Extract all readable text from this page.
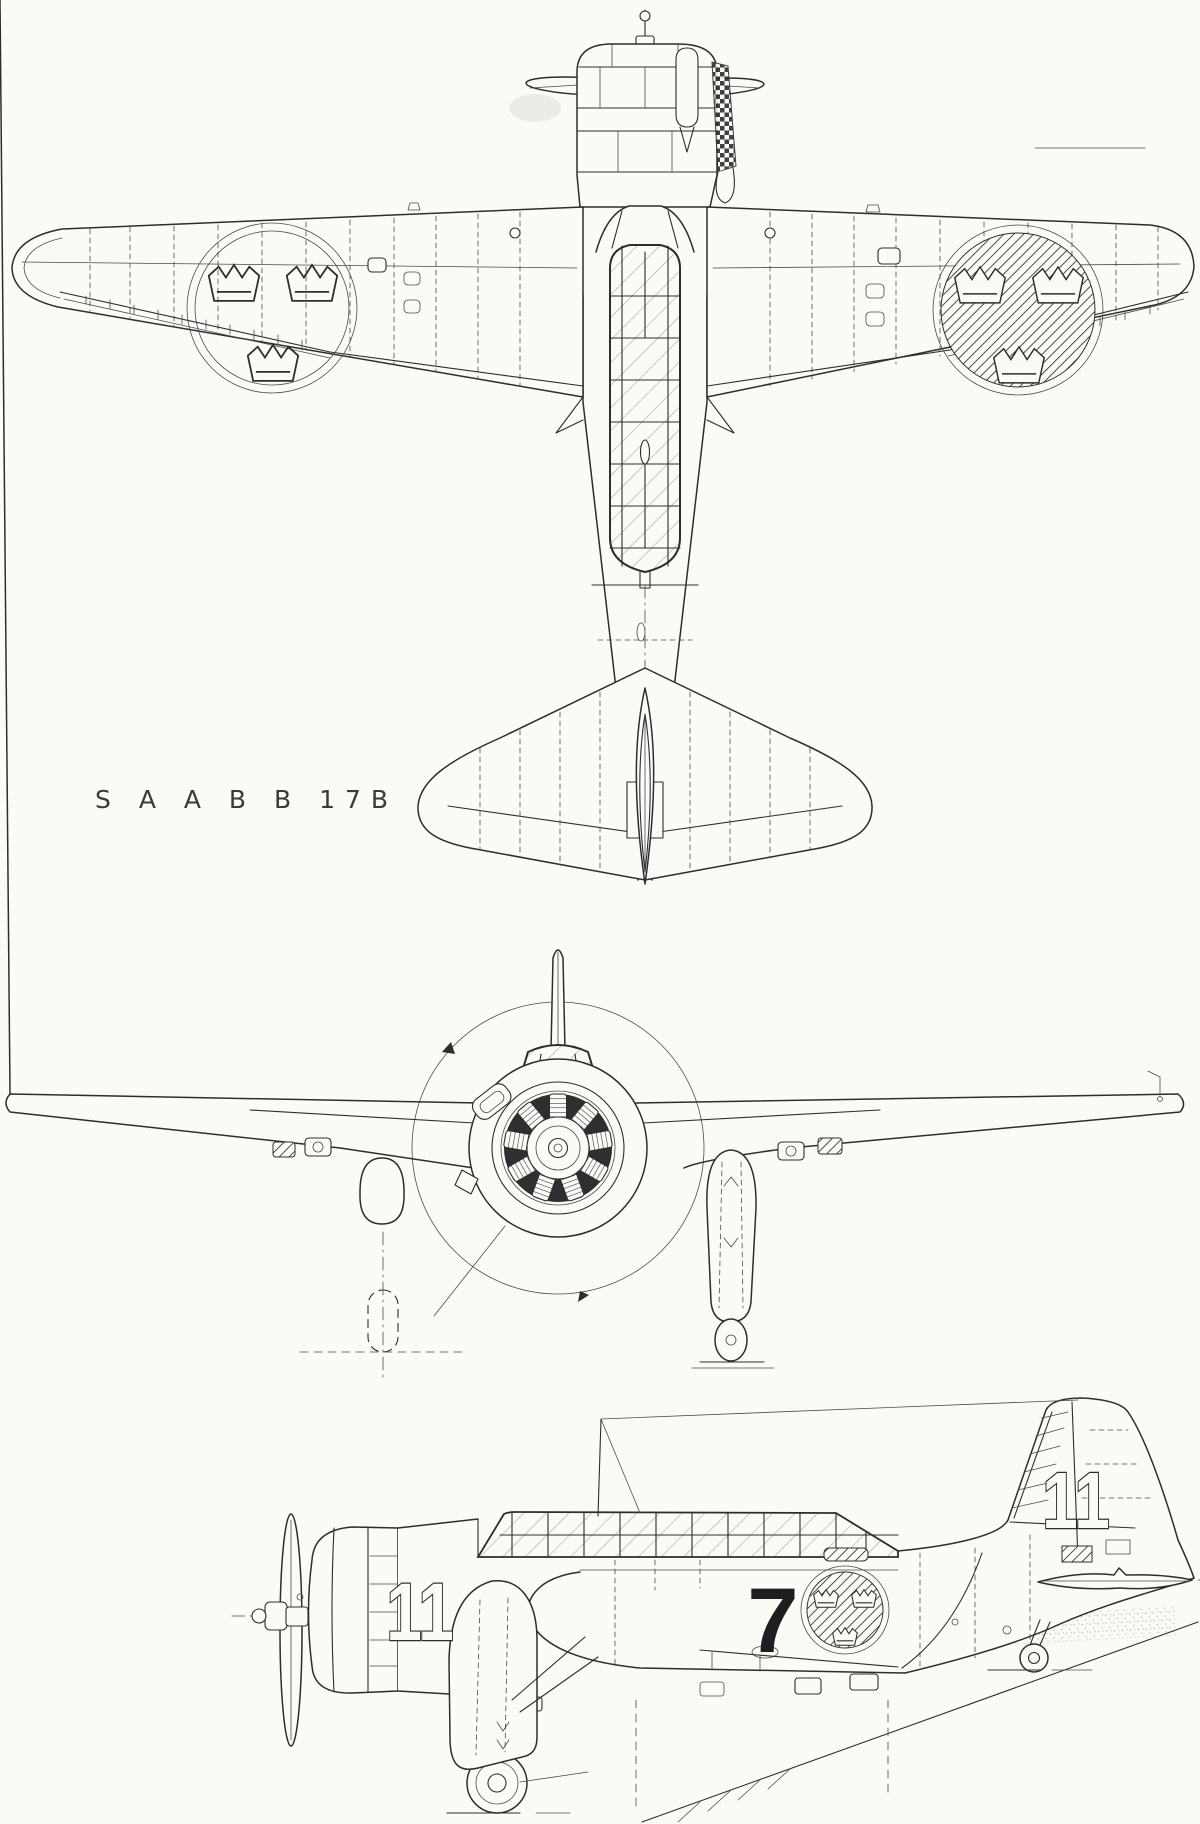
S A A B B 17B
11	7
11
